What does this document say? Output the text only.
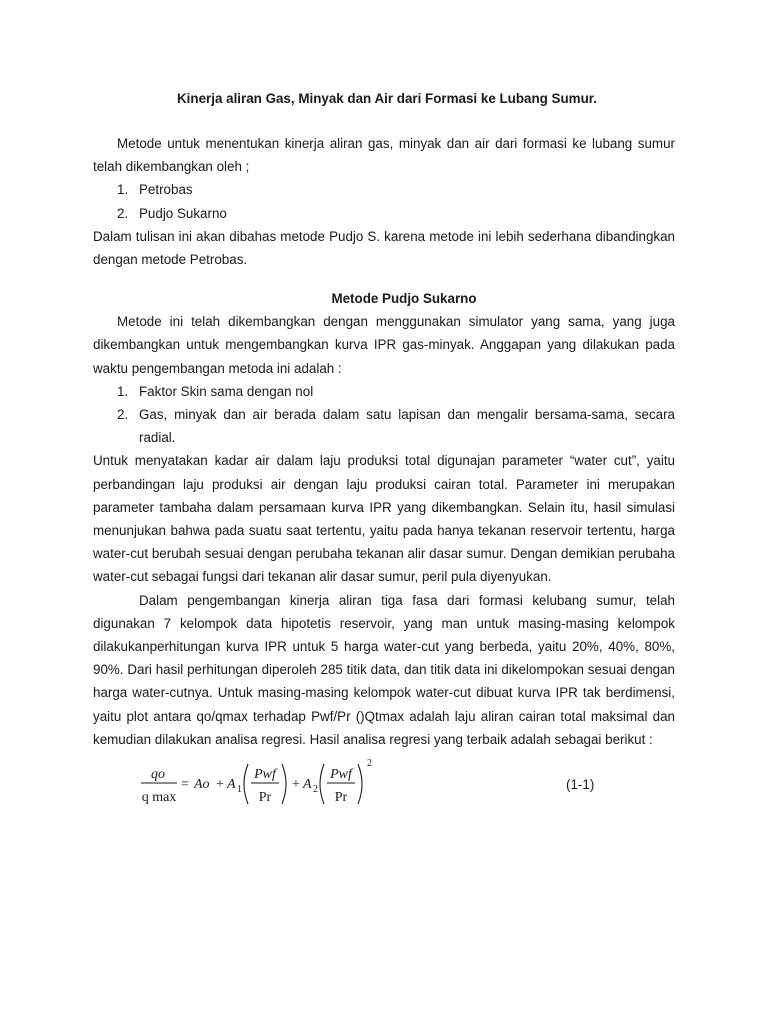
Kinerja aliran Gas, Minyak dan Air dari Formasi ke Lubang Sumur.

Metode untuk menentukan kinerja aliran gas, minyak dan air dari formasi ke lubang sumur telah dikembangkan oleh ;

1. Petrobas
2. Pudjo Sukarno

Dalam tulisan ini akan dibahas metode Pudjo S. karena metode ini lebih sederhana dibandingkan dengan metode Petrobas.

Metode Pudjo Sukarno

Metode ini telah dikembangkan dengan menggunakan simulator yang sama, yang juga dikembangkan untuk mengembangkan kurva IPR gas-minyak. Anggapan yang dilakukan pada waktu pengembangan metoda ini adalah :

1. Faktor Skin sama dengan nol
2. Gas, minyak dan air berada dalam satu lapisan dan mengalir bersama-sama, secara radial.

Untuk menyatakan kadar air dalam laju produksi total digunajan parameter “water cut”, yaitu perbandingan laju produksi air dengan laju produksi cairan total. Parameter ini merupakan parameter tambaha dalam persamaan kurva IPR yang dikembangkan. Selain itu, hasil simulasi menunjukan bahwa pada suatu saat tertentu, yaitu pada hanya tekanan reservoir tertentu, harga water-cut berubah sesuai dengan perubaha tekanan alir dasar sumur. Dengan demikian perubaha water-cut sebagai fungsi dari tekanan alir dasar sumur, peril pula diyenyukan.

Dalam pengembangan kinerja aliran tiga fasa dari formasi kelubang sumur, telah digunakan 7 kelompok data hipotetis reservoir, yang man untuk masing-masing kelompok dilakukanperhitungan kurva IPR untuk 5 harga water-cut yang berbeda, yaitu 20%, 40%, 80%, 90%. Dari hasil perhitungan diperoleh 285 titik data, dan titik data ini dikelompokan sesuai dengan harga water-cutnya. Untuk masing-masing kelompok water-cut dibuat kurva IPR tak berdimensi, yaitu plot antara qo/qmax terhadap Pwf/Pr ()Qtmax adalah laju aliran cairan total maksimal dan kemudian dilakukan analisa regresi. Hasil analisa regresi yang terbaik adalah sebagai berikut :

qo
q max
= Ao + A 1
Pwf
Pr
+ A 2
Pwf
Pr
2
(1-1)
